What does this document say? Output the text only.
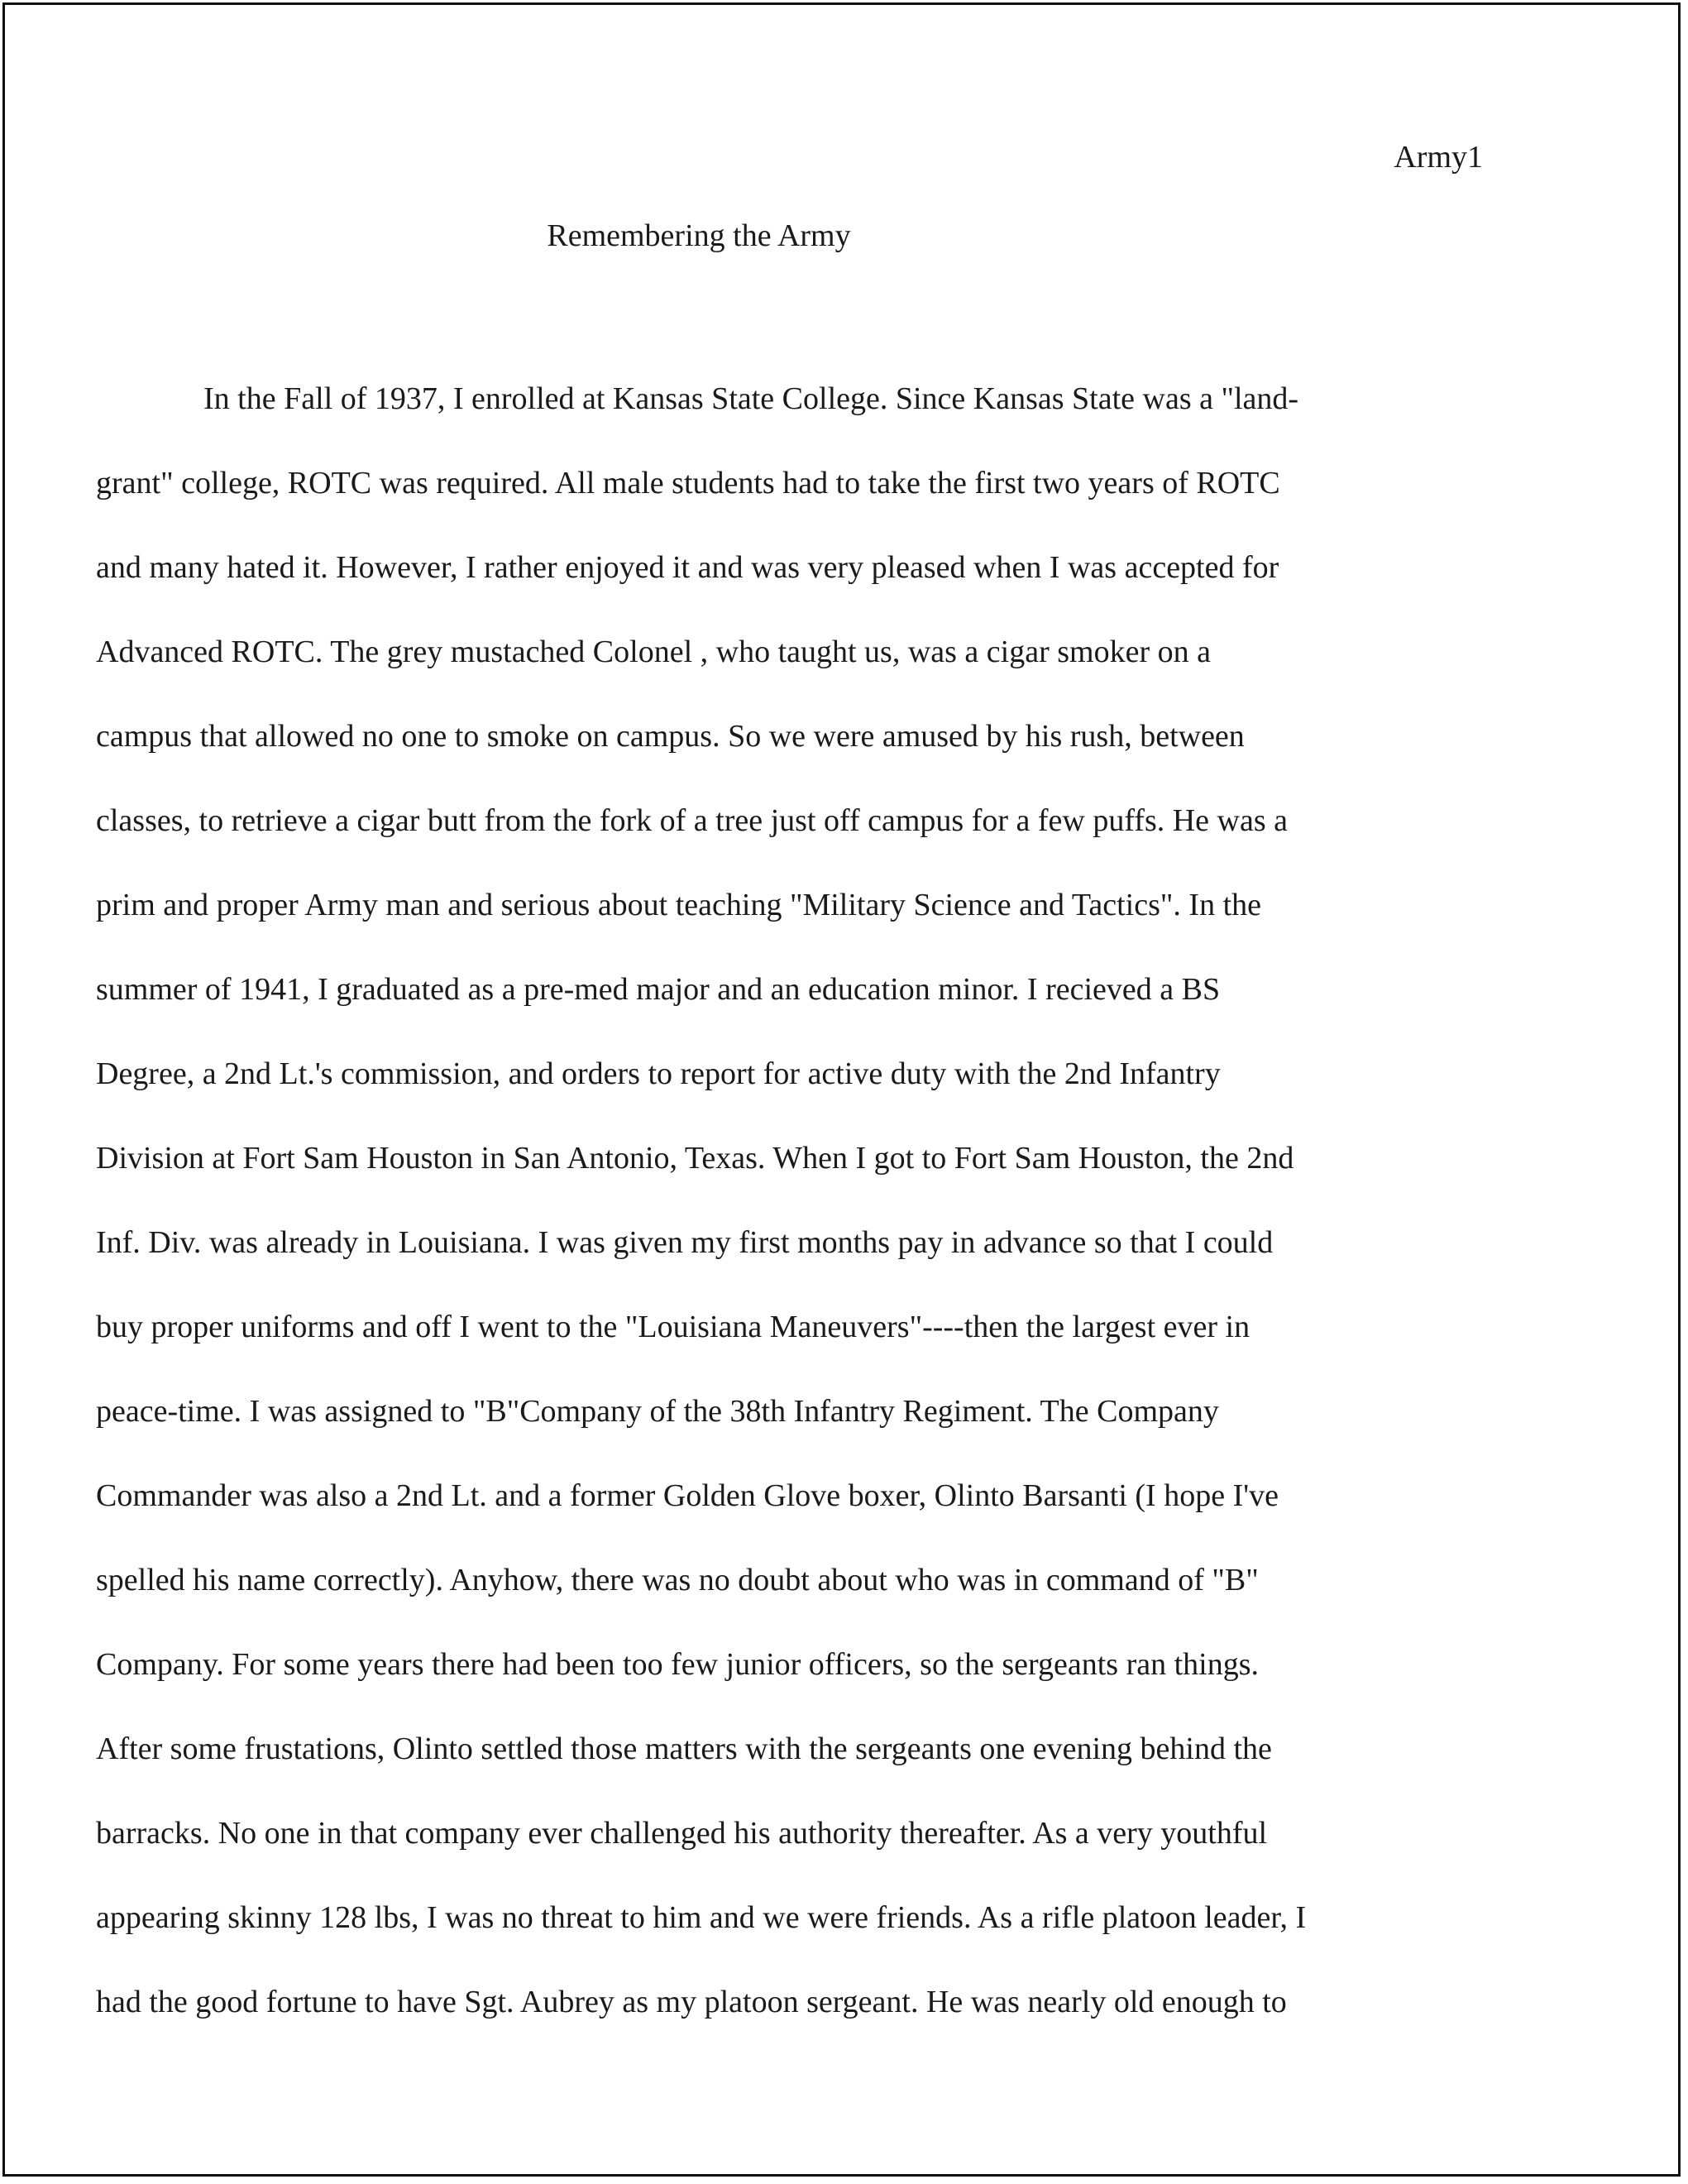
Army1
Remembering the Army
In the Fall of 1937, I enrolled at Kansas State College. Since Kansas State was a "land-
grant" college, ROTC was required. All male students had to take the first two years of ROTC
and many hated it. However, I rather enjoyed it and was very pleased when I was accepted for
Advanced ROTC. The grey mustached Colonel , who taught us, was a cigar smoker on a
campus that allowed no one to smoke on campus. So we were amused by his rush, between
classes, to retrieve a cigar butt from the fork of a tree just off campus for a few puffs. He was a
prim and proper Army man and serious about teaching "Military Science and Tactics". In the
summer of 1941, I graduated as a pre-med major and an education minor. I recieved a BS
Degree, a 2nd Lt.'s commission, and orders to report for active duty with the 2nd Infantry
Division at Fort Sam Houston in San Antonio, Texas. When I got to Fort Sam Houston, the 2nd
Inf. Div. was already in Louisiana. I was given my first months pay in advance so that I could
buy proper uniforms and off I went to the "Louisiana Maneuvers"----then the largest ever in
peace-time. I was assigned to "B"Company of the 38th Infantry Regiment. The Company
Commander was also a 2nd Lt. and a former Golden Glove boxer, Olinto Barsanti (I hope I've
spelled his name correctly). Anyhow, there was no doubt about who was in command of "B"
Company. For some years there had been too few junior officers, so the sergeants ran things.
After some frustations, Olinto settled those matters with the sergeants one evening behind the
barracks. No one in that company ever challenged his authority thereafter. As a very youthful
appearing skinny 128 lbs, I was no threat to him and we were friends. As a rifle platoon leader, I
had the good fortune to have Sgt. Aubrey as my platoon sergeant. He was nearly old enough to
